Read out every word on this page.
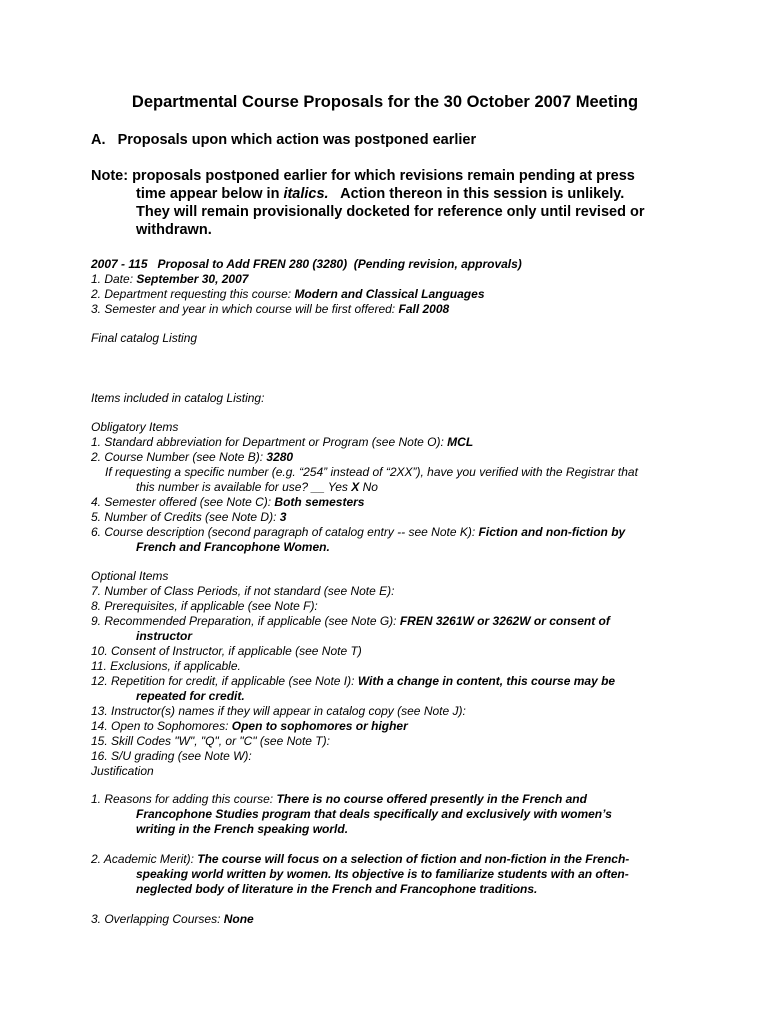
Departmental Course Proposals for the 30 October 2007 Meeting
A.   Proposals upon which action was postponed earlier
Note: proposals postponed earlier for which revisions remain pending at press
time appear below in italics.   Action thereon in this session is unlikely.
They will remain provisionally docketed for reference only until revised or
withdrawn.
2007 - 115   Proposal to Add FREN 280 (3280)  (Pending revision, approvals)
1. Date: September 30, 2007
2. Department requesting this course: Modern and Classical Languages
3. Semester and year in which course will be first offered: Fall 2008
Final catalog Listing
Items included in catalog Listing:
Obligatory Items
1. Standard abbreviation for Department or Program (see Note O): MCL
2. Course Number (see Note B): 3280
If requesting a specific number (e.g. “254” instead of “2XX”), have you verified with the Registrar that
this number is available for use? __ Yes X No
4. Semester offered (see Note C): Both semesters
5. Number of Credits (see Note D): 3
6. Course description (second paragraph of catalog entry -- see Note K): Fiction and non-fiction by
French and Francophone Women.
Optional Items
7. Number of Class Periods, if not standard (see Note E):
8. Prerequisites, if applicable (see Note F):
9. Recommended Preparation, if applicable (see Note G): FREN 3261W or 3262W or consent of
instructor
10. Consent of Instructor, if applicable (see Note T)
11. Exclusions, if applicable.
12. Repetition for credit, if applicable (see Note I): With a change in content, this course may be
repeated for credit.
13. Instructor(s) names if they will appear in catalog copy (see Note J):
14. Open to Sophomores: Open to sophomores or higher
15. Skill Codes "W", "Q", or "C" (see Note T):
16. S/U grading (see Note W):
Justification
1. Reasons for adding this course: There is no course offered presently in the French and
Francophone Studies program that deals specifically and exclusively with women’s
writing in the French speaking world.
2. Academic Merit): The course will focus on a selection of fiction and non-fiction in the French-
speaking world written by women. Its objective is to familiarize students with an often-
neglected body of literature in the French and Francophone traditions.
3. Overlapping Courses: None
